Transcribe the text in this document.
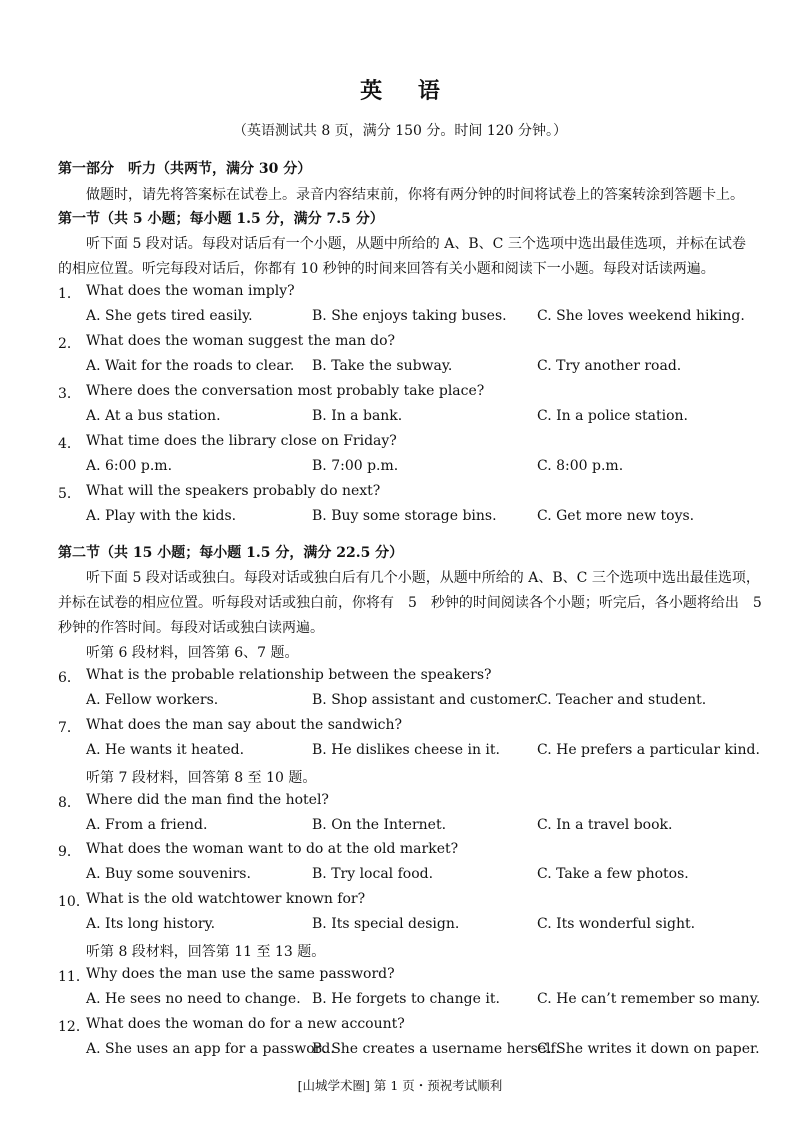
英 语
（英语测试共 8 页，满分 150 分。时间 120 分钟。）
第一部分　听力（共两节，满分 30 分）
做题时，请先将答案标在试卷上。录音内容结束前，你将有两分钟的时间将试卷上的答案转涂到答题卡上。
第一节（共 5 小题；每小题 1.5 分，满分 7.5 分）
听下面 5 段对话。每段对话后有一个小题，从题中所给的 A、B、C 三个选项中选出最佳选项，并标在试卷
的相应位置。听完每段对话后，你都有 10 秒钟的时间来回答有关小题和阅读下一小题。每段对话读两遍。
1． What does the woman imply?
A. She gets tired easily.	B. She enjoys taking buses. C. She loves weekend hiking.
2． What does the woman suggest the man do?
A. Wait for the roads to clear. B. Take the subway.	C. Try another road.
3． Where does the conversation most probably take place?
A. At a bus station.	B. In a bank.	C. In a police station.
4． What time does the library close on Friday?
A. 6:00 p.m.	B. 7:00 p.m.	C. 8:00 p.m.
5． What will the speakers probably do next?
A. Play with the kids.	B. Buy some storage bins.	C. Get more new toys.
第二节（共 15 小题；每小题 1.5 分，满分 22.5 分）
听下面 5 段对话或独白。每段对话或独白后有几个小题，从题中所给的 A、B、C 三个选项中选出最佳选项，
并标在试卷的相应位置。听每段对话或独白前，你将有　5　秒钟的时间阅读各个小题；听完后，各小题将给出　5
秒钟的作答时间。每段对话或独白读两遍。
听第 6 段材料，回答第 6、7 题。
6． What is the probable relationship between the speakers?
A. Fellow workers.	B. Shop assistant and customer.
C. Teacher and student.
7． What does the man say about the sandwich?
A. He wants it heated.	B. He dislikes cheese in it.	C. He prefers a particular kind.
听第 7 段材料，回答第 8 至 10 题。
8． Where did the man find the hotel?
A. From a friend.	B. On the Internet.	C. In a travel book.
9． What does the woman want to do at the old market?
A. Buy some souvenirs.	B. Try local food.	C. Take a few photos.
10．
What is the old watchtower known for?
A. Its long history.	B. Its special design.	C. Its wonderful sight.
听第 8 段材料，回答第 11 至 13 题。
11．
Why does the man use the same password?
A. He sees no need to change. B. He forgets to change it.	C. He can’t remember so many.
12．
What does the woman do for a new account?
A. She uses an app for a password.
B. She creates a username herself.
C. She writes it down on paper.
[山城学术圈] 第 1 页・预祝考试顺利
